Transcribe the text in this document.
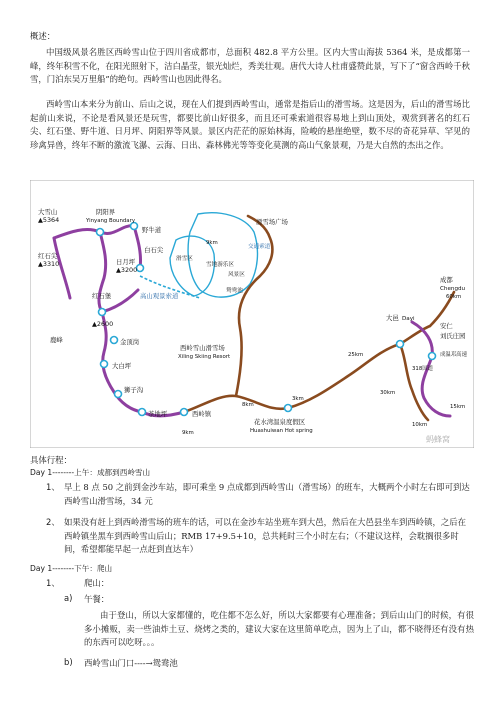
概述：
中国级风景名胜区西岭雪山位于四川省成都市，总面积 482.8 平方公里。区内大雪山海拔 5364 米，是成都第一峰，终年积雪不化，在阳光照射下，洁白晶莹，银光灿烂，秀美壮观。唐代大诗人杜甫盛赞此景，写下了“窗含西岭千秋雪，门泊东吴万里船”的绝句。西岭雪山也因此得名。
西岭雪山本来分为前山、后山之说，现在人们提到西岭雪山，通常是指后山的滑雪场。这是因为，后山的滑雪场比起前山来说，不论是看风景还是玩雪，都要比前山好很多，而且还可乘索道很容易地上到山顶处，观赏到著名的红石尖、红石堡、野牛道、日月坪、阴阳界等风景。景区内茫茫的原始林海，险峻的悬崖绝壁，数不尽的奇花异草、罕见的珍禽异兽，终年不断的激流飞瀑、云海、日出、森林佛光等等变化莫测的高山气象景观，乃是大自然的杰出之作。
大雪山
▲5364
阴阳界
Yinyang Boundary
野牛道
红石尖
▲3310	日月坪
▲3200
白石尖
红石堡
▲2600
高山观景索道
鹿峰	金顶岗
大白坪
狮子沟
茶地坪	西岭镇
西岭雪山滑雪场
Xiling Skiing Resort
滑雪场广场
滑雪区
雪地游乐区
风景区
交通索道
鸳鸯池
大邑 Dayi
成都
Chengdu
安仁
刘氏庄园
花水湾温泉度假区
Huashuiwan Hot spring
9km
25km
30km
10km
3km
8km
9km
60km
318国道
成温邛高速
15km
蚂蜂窝
具体行程：
Day 1--------上午：成都到西岭雪山
1、 早上 8 点 50 之前到金沙车站，即可乘坐 9 点成都到西岭雪山（滑雪场）的班车，大概两个小时左右即可到达西岭雪山滑雪场，34 元
2、 如果没有赶上到西岭滑雪场的班车的话，可以在金沙车站坐班车到大邑，然后在大邑县坐车到西岭镇，之后在西岭镇坐黑车到西岭雪山后山；RMB 17+9.5+10，总共耗时三个小时左右；（不建议这样，会耽搁很多时间，希望都能早起一点赶到直达车）
Day 1--------下午：爬山
1、	爬山：
a) 午餐：
由于登山，所以大家都懂的，吃住都不怎么好，所以大家都要有心理准备；到后山山门的时候，有很多小摊贩，卖一些油炸土豆、烧烤之类的，建议大家在这里简单吃点，因为上了山，都不晓得还有没有热的东西可以吃呀。。。
b) 西岭雪山门口----→鸳鸯池
